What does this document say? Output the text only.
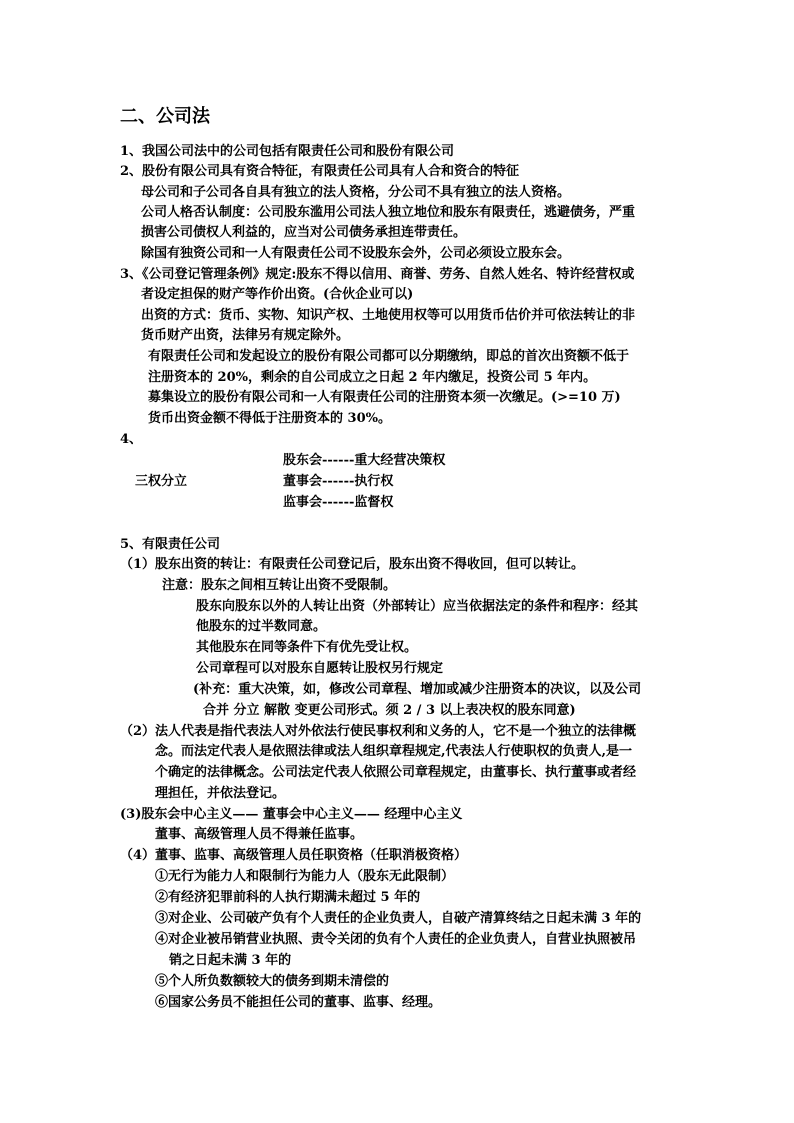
二、公司法
1、我国公司法中的公司包括有限责任公司和股份有限公司
2、股份有限公司具有资合特征，有限责任公司具有人合和资合的特征
母公司和子公司各自具有独立的法人资格，分公司不具有独立的法人资格。
公司人格否认制度：公司股东滥用公司法人独立地位和股东有限责任，逃避债务，严重
损害公司债权人利益的，应当对公司债务承担连带责任。
除国有独资公司和一人有限责任公司不设股东会外，公司必须设立股东会。
3、《公司登记管理条例》规定:股东不得以信用、商誉、劳务、自然人姓名、特许经营权或
者设定担保的财产等作价出资。(合伙企业可以)
出资的方式：货币、实物、知识产权、土地使用权等可以用货币估价并可依法转让的非
货币财产出资，法律另有规定除外。
有限责任公司和发起设立的股份有限公司都可以分期缴纳，即总的首次出资额不低于
注册资本的 20%，剩余的自公司成立之日起 2 年内缴足，投资公司 5 年内。
募集设立的股份有限公司和一人有限责任公司的注册资本须一次缴足。(>=10 万)
货币出资金额不得低于注册资本的 30%。
4、
股东会------重大经营决策权
三权分立	董事会------执行权
监事会------监督权
5、有限责任公司
（1）股东出资的转让：有限责任公司登记后，股东出资不得收回，但可以转让。
注意：股东之间相互转让出资不受限制。
股东向股东以外的人转让出资（外部转让）应当依据法定的条件和程序：经其
他股东的过半数同意。
其他股东在同等条件下有优先受让权。
公司章程可以对股东自愿转让股权另行规定
(补充：重大决策，如，修改公司章程、增加或减少注册资本的决议，以及公司
合并 分立 解散 变更公司形式。须 2 / 3 以上表决权的股东同意)
（2）法人代表是指代表法人对外依法行使民事权利和义务的人，它不是一个独立的法律概
念。而法定代表人是依照法律或法人组织章程规定,代表法人行使职权的负责人,是一
个确定的法律概念。公司法定代表人依照公司章程规定，由董事长、执行董事或者经
理担任，并依法登记。
(3)股东会中心主义—— 董事会中心主义—— 经理中心主义
董事、高级管理人员不得兼任监事。
（4）董事、监事、高级管理人员任职资格（任职消极资格）
①无行为能力人和限制行为能力人（股东无此限制）
②有经济犯罪前科的人执行期满未超过 5 年的
③对企业、公司破产负有个人责任的企业负责人，自破产清算终结之日起未满 3 年的
④对企业被吊销营业执照、责令关闭的负有个人责任的企业负责人，自营业执照被吊
销之日起未满 3 年的
⑤个人所负数额较大的债务到期未清偿的
⑥国家公务员不能担任公司的董事、监事、经理。
